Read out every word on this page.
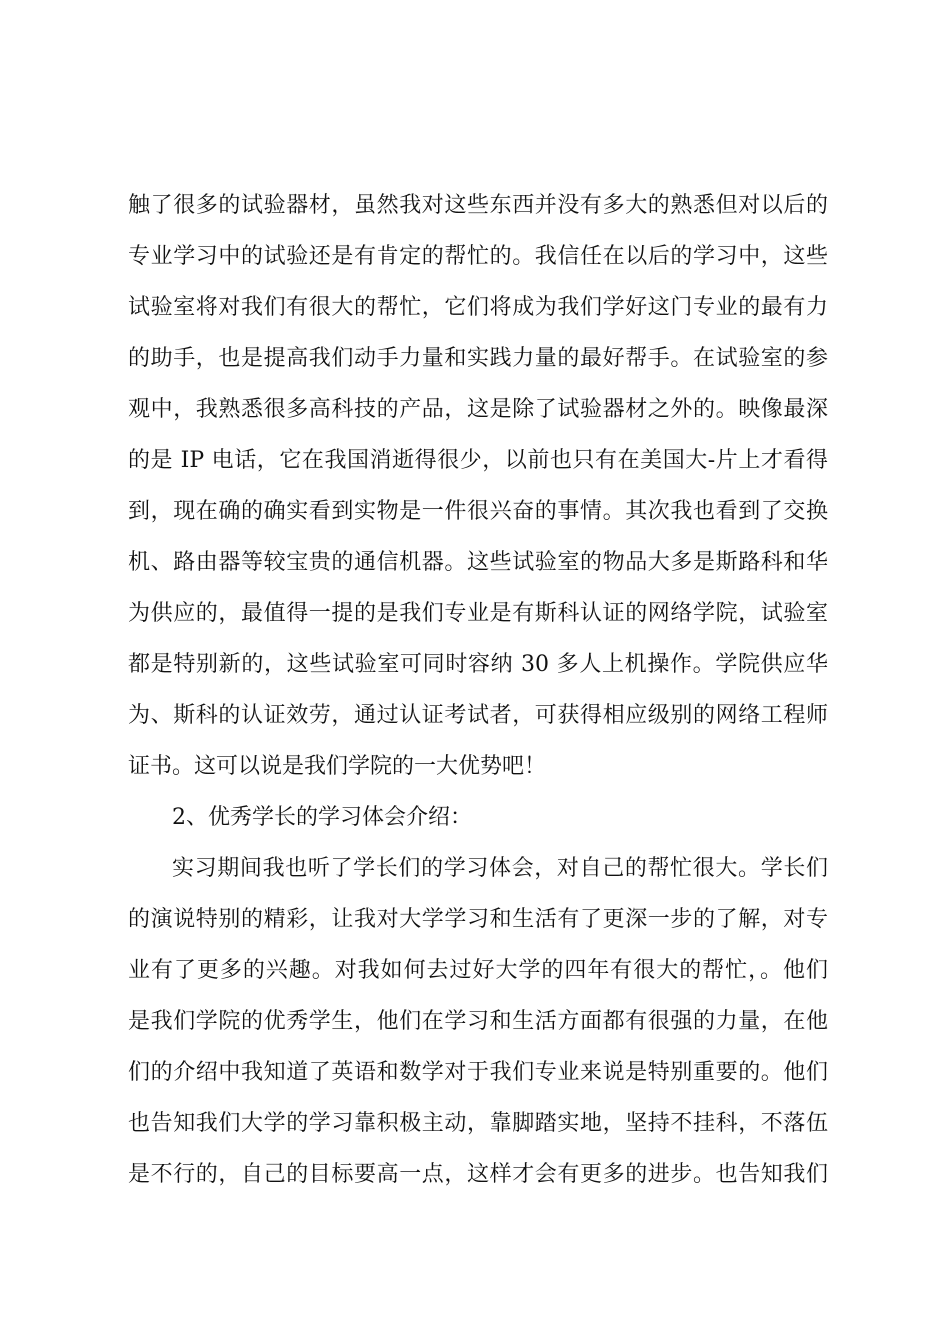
触了很多的试验器材，虽然我对这些东西并没有多大的熟悉但对以后的
专业学习中的试验还是有肯定的帮忙的。我信任在以后的学习中，这些
试验室将对我们有很大的帮忙，它们将成为我们学好这门专业的最有力
的助手，也是提高我们动手力量和实践力量的最好帮手。在试验室的参
观中，我熟悉很多高科技的产品，这是除了试验器材之外的。映像最深
的是 IP 电话，它在我国消逝得很少，以前也只有在美国大-片上才看得
到，现在确的确实看到实物是一件很兴奋的事情。其次我也看到了交换
机、路由器等较宝贵的通信机器。这些试验室的物品大多是斯路科和华
为供应的，最值得一提的是我们专业是有斯科认证的网络学院，试验室
都是特别新的，这些试验室可同时容纳 30 多人上机操作。学院供应华
为、斯科的认证效劳，通过认证考试者，可获得相应级别的网络工程师
证书。这可以说是我们学院的一大优势吧！
2、优秀学长的学习体会介绍：
实习期间我也听了学长们的学习体会，对自己的帮忙很大。学长们
的演说特别的精彩，让我对大学学习和生活有了更深一步的了解，对专
业有了更多的兴趣。对我如何去过好大学的四年有很大的帮忙，。他们
是我们学院的优秀学生，他们在学习和生活方面都有很强的力量，在他
们的介绍中我知道了英语和数学对于我们专业来说是特别重要的。他们
也告知我们大学的学习靠积极主动，靠脚踏实地，坚持不挂科，不落伍
是不行的，自己的目标要高一点，这样才会有更多的进步。也告知我们
